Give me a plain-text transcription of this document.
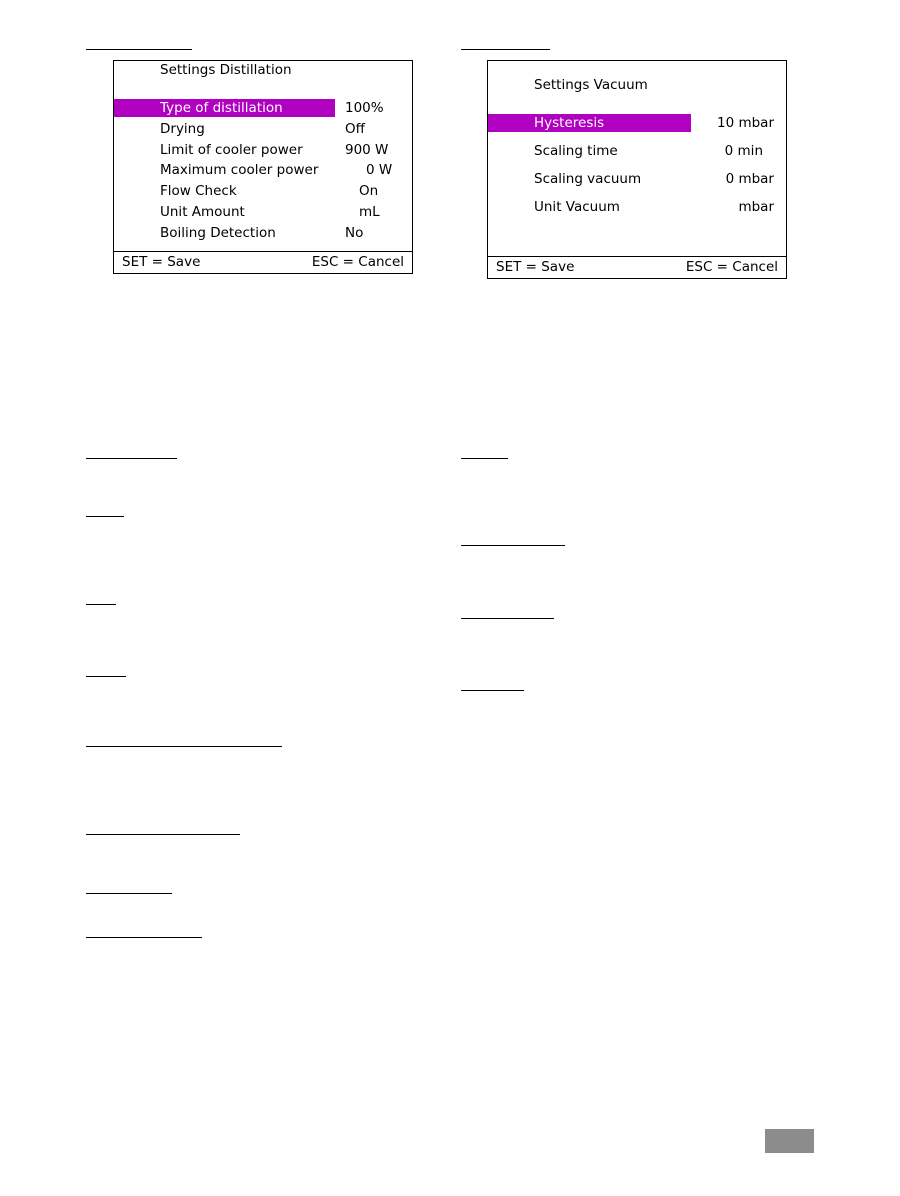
Settings Distillation
Type of distillation	100%
Drying	Off
Limit of cooler power	900 W
Maximum cooler power	0 W
Flow Check	On
Unit Amount	mL
Boiling Detection	No
SET = Save	ESC = Cancel
Settings Vacuum
Hysteresis	10 mbar
Scaling time	0 min
Scaling vacuum	0 mbar
Unit Vacuum	mbar
SET = Save	ESC = Cancel
